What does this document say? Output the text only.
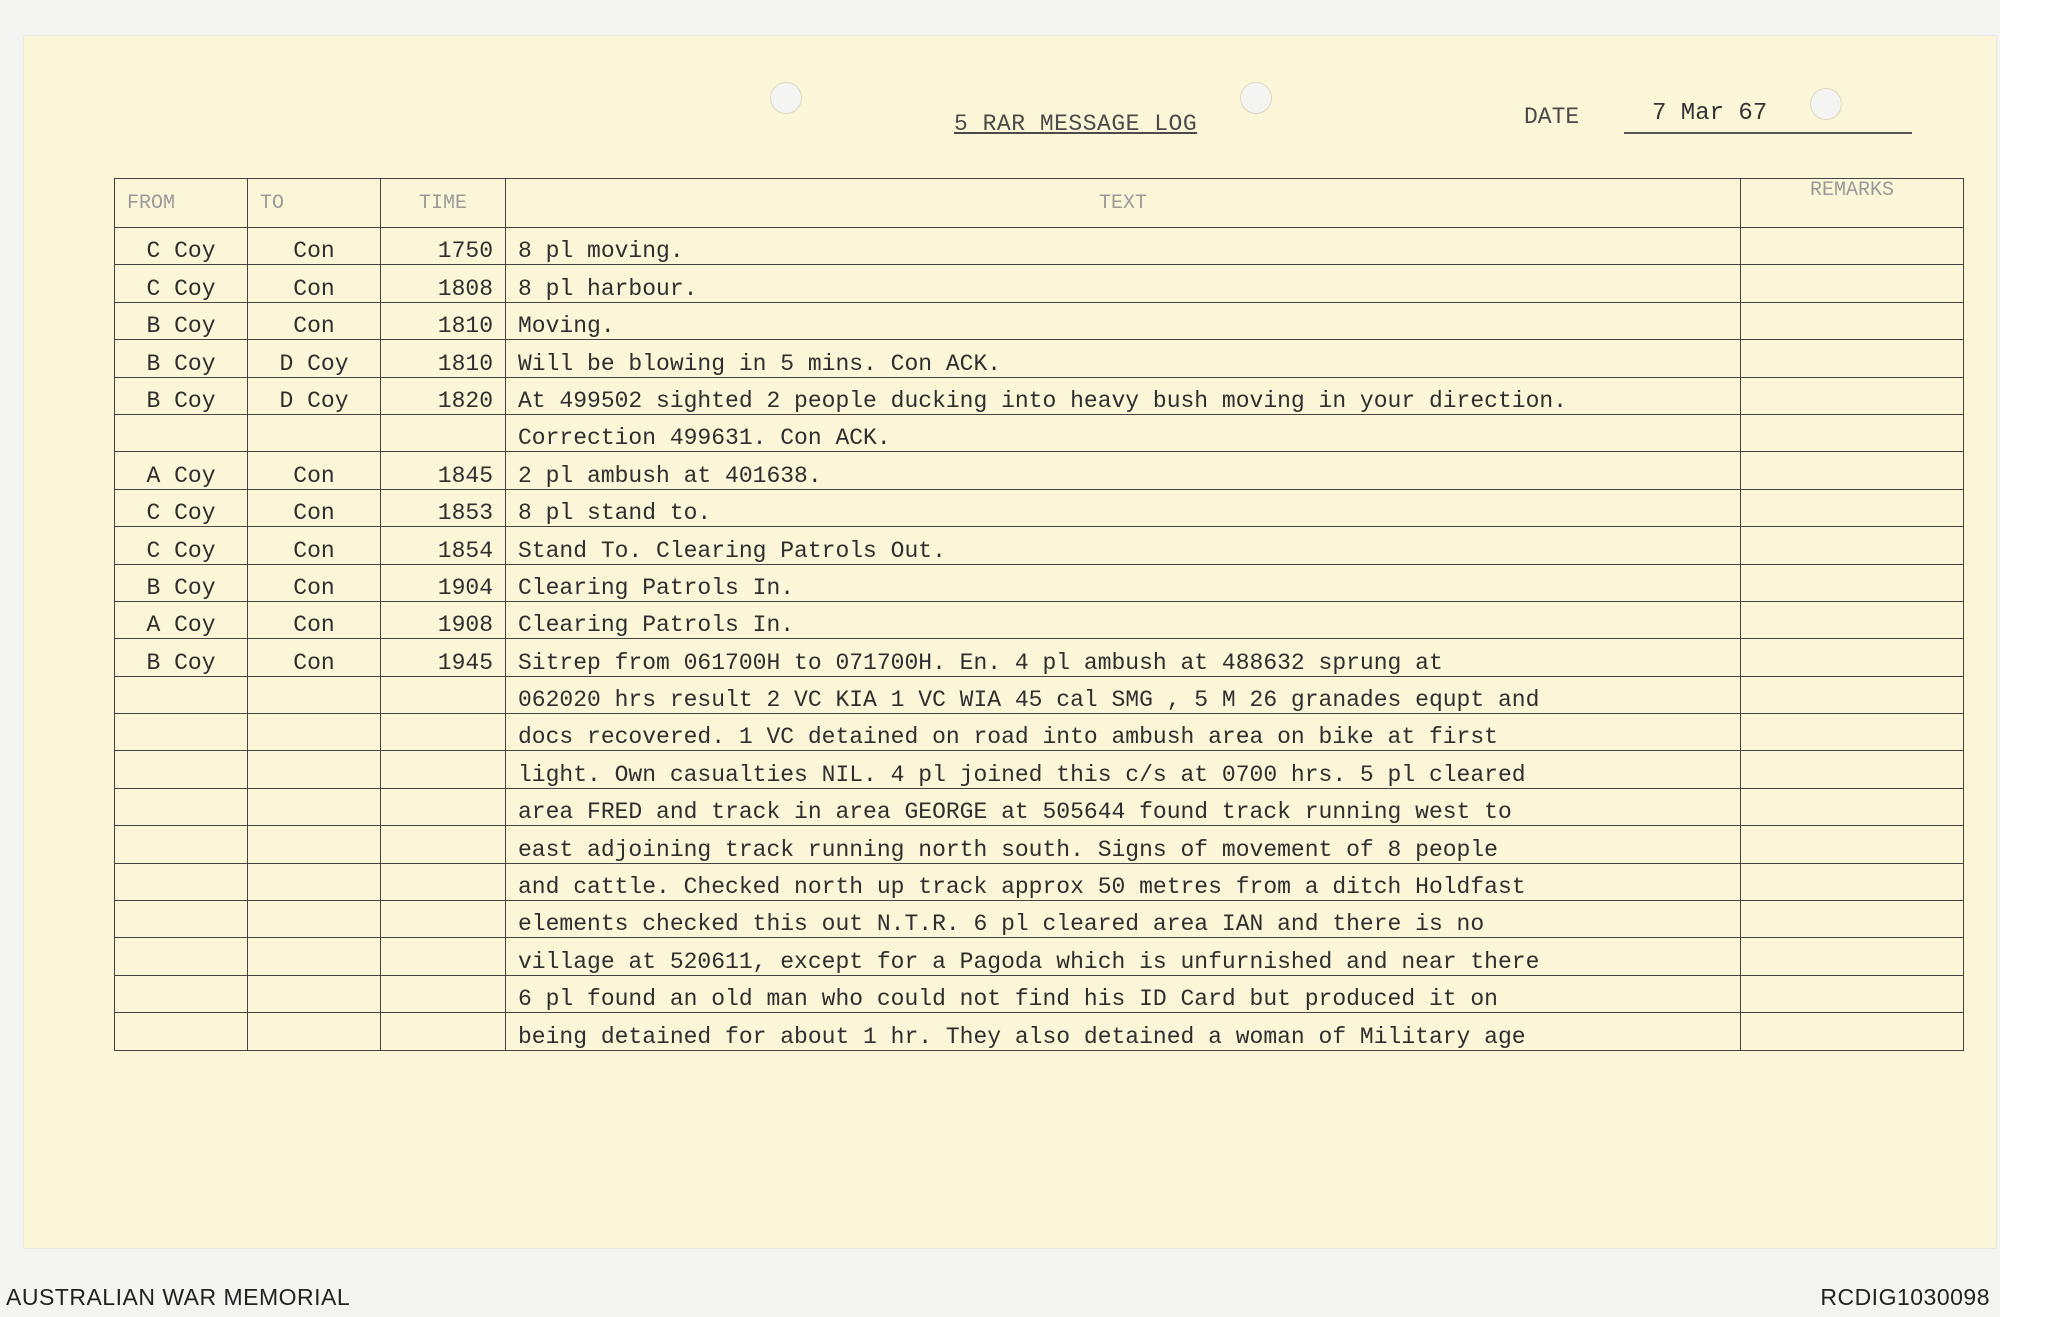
5 RAR MESSAGE LOG	DATE	7 Mar 67
FROM	TO	TIME	TEXT	REMARKS
C Coy	Con	1750	8 pl moving.	
C Coy	Con	1808	8 pl harbour.	
B Coy	Con	1810	Moving.	
B Coy	D Coy	1810	Will be blowing in 5 mins. Con ACK.	
B Coy	D Coy	1820	At 499502 sighted 2 people ducking into heavy bush moving in your direction.	
			Correction 499631. Con ACK.	
A Coy	Con	1845	2 pl ambush at 401638.	
C Coy	Con	1853	8 pl stand to.	
C Coy	Con	1854	Stand To. Clearing Patrols Out.	
B Coy	Con	1904	Clearing Patrols In.	
A Coy	Con	1908	Clearing Patrols In.	
B Coy	Con	1945	Sitrep from 061700H to 071700H. En. 4 pl ambush at 488632 sprung at	
			062020 hrs result 2 VC KIA 1 VC WIA 45 cal SMG , 5 M 26 granades equpt and	
			docs recovered. 1 VC detained on road into ambush area on bike at first	
			light. Own casualties NIL. 4 pl joined this c/s at 0700 hrs. 5 pl cleared	
			area FRED and track in area GEORGE at 505644 found track running west to	
			east adjoining track running north south. Signs of movement of 8 people	
			and cattle. Checked north up track approx 50 metres from a ditch Holdfast	
			elements checked this out N.T.R. 6 pl cleared area IAN and there is no	
			village at 520611, except for a Pagoda which is unfurnished and near there	
			6 pl found an old man who could not find his ID Card but produced it on	
			being detained for about 1 hr. They also detained a woman of Military age	
AUSTRALIAN WAR MEMORIAL	RCDIG1030098
